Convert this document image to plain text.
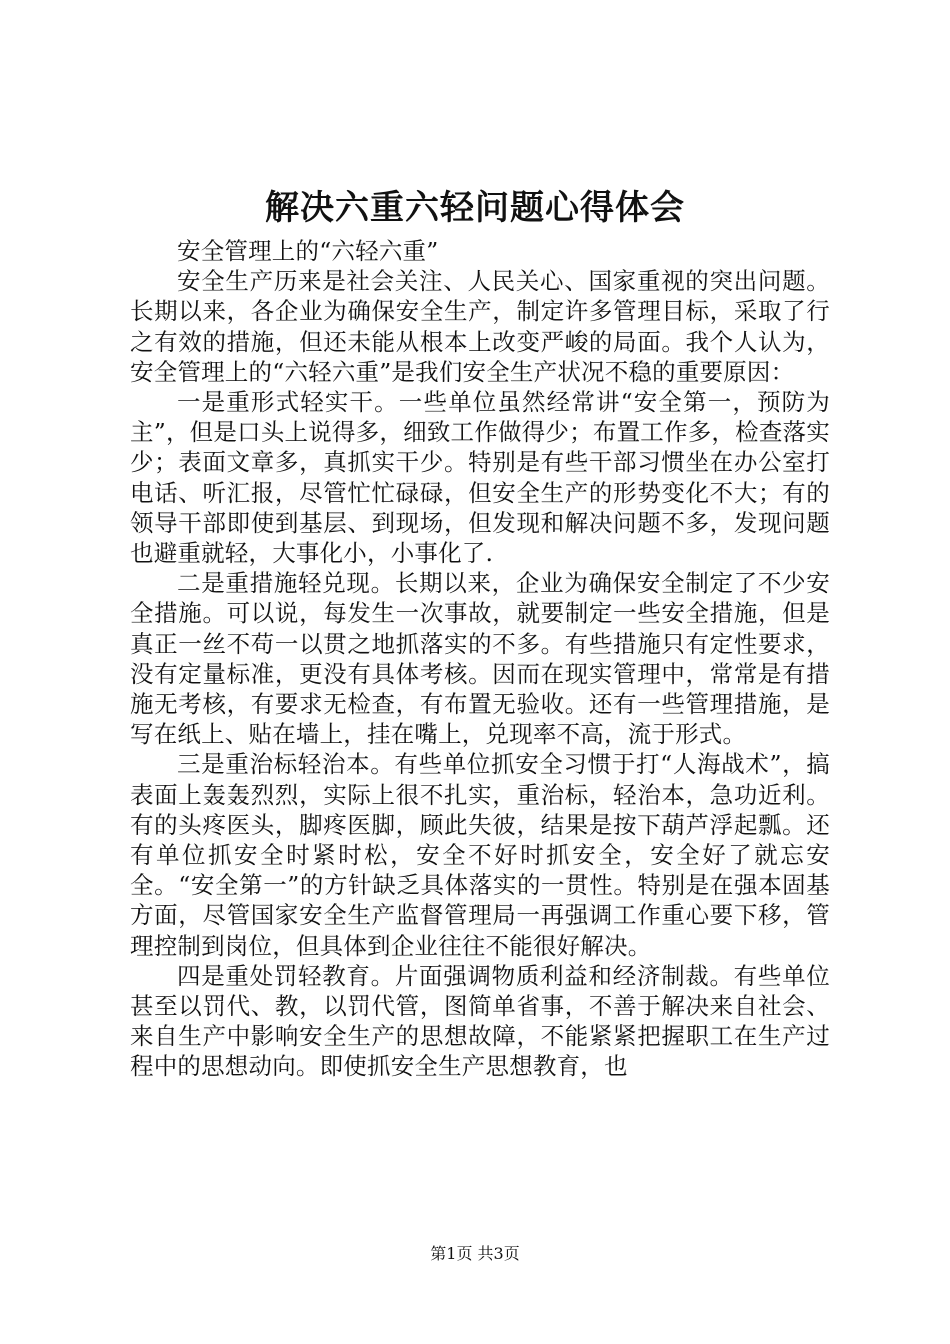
解决六重六轻问题心得体会

安全管理上的“六轻六重”

安全生产历来是社会关注、人民关心、国家重视的突出问题。长期以来，各企业为确保安全生产，制定许多管理目标，采取了行之有效的措施，但还未能从根本上改变严峻的局面。我个人认为，安全管理上的“六轻六重”是我们安全生产状况不稳的重要原因：

一是重形式轻实干。一些单位虽然经常讲“安全第一，预防为主”，但是口头上说得多，细致工作做得少；布置工作多，检查落实少；表面文章多，真抓实干少。特别是有些干部习惯坐在办公室打电话、听汇报，尽管忙忙碌碌，但安全生产的形势变化不大；有的领导干部即使到基层、到现场，但发现和解决问题不多，发现问题也避重就轻，大事化小，小事化了.

二是重措施轻兑现。长期以来，企业为确保安全制定了不少安全措施。可以说，每发生一次事故，就要制定一些安全措施，但是真正一丝不苟一以贯之地抓落实的不多。有些措施只有定性要求，没有定量标准，更没有具体考核。因而在现实管理中，常常是有措施无考核，有要求无检查，有布置无验收。还有一些管理措施，是写在纸上、贴在墙上，挂在嘴上，兑现率不高，流于形式。

三是重治标轻治本。有些单位抓安全习惯于打“人海战术”，搞表面上轰轰烈烈，实际上很不扎实，重治标，轻治本，急功近利。有的头疼医头，脚疼医脚，顾此失彼，结果是按下葫芦浮起瓢。还有单位抓安全时紧时松，安全不好时抓安全，安全好了就忘安全。“安全第一”的方针缺乏具体落实的一贯性。特别是在强本固基方面，尽管国家安全生产监督管理局一再强调工作重心要下移，管理控制到岗位，但具体到企业往往不能很好解决。

四是重处罚轻教育。片面强调物质利益和经济制裁。有些单位甚至以罚代、教，以罚代管，图简单省事，不善于解决来自社会、来自生产中影响安全生产的思想故障，不能紧紧把握职工在生产过程中的思想动向。即使抓安全生产思想教育，也

第1页 共3页
